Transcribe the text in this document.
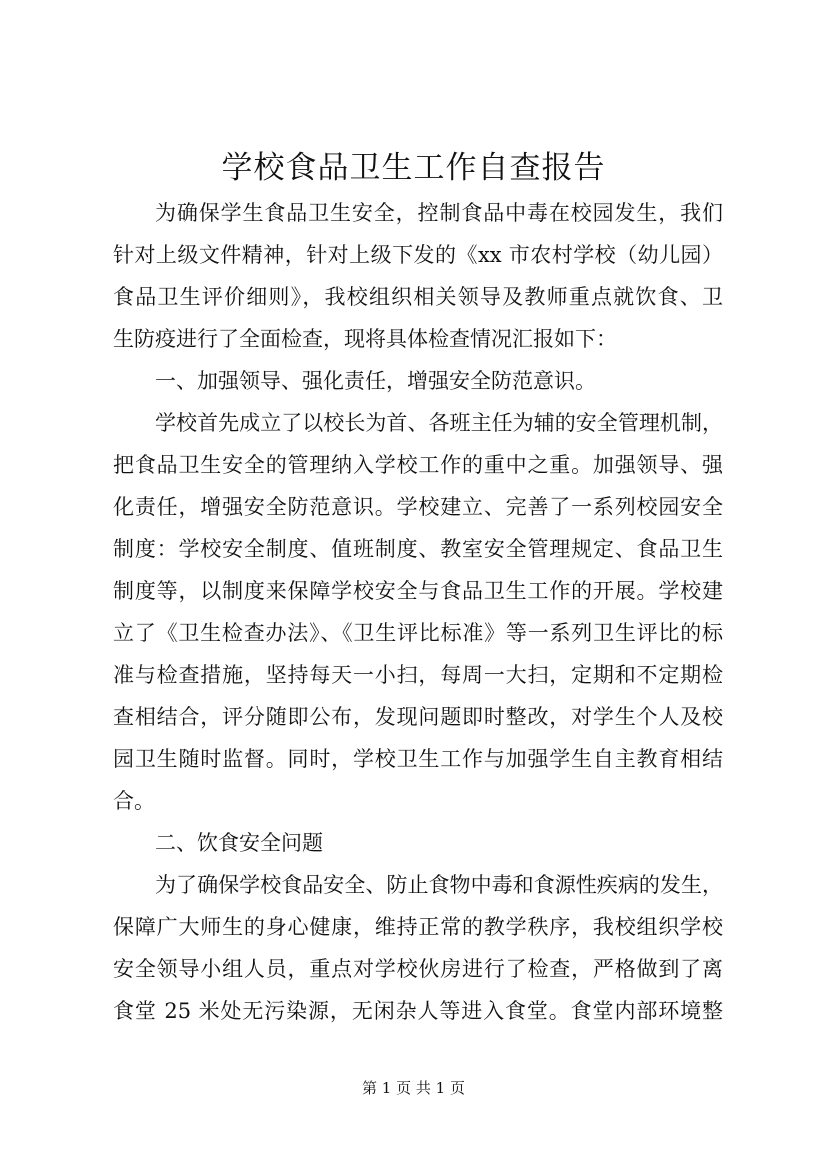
学校食品卫生工作自查报告
为确保学生食品卫生安全，控制食品中毒在校园发生，我们
针对上级文件精神，针对上级下发的《xx 市农村学校（幼儿园）
食品卫生评价细则》，我校组织相关领导及教师重点就饮食、卫
生防疫进行了全面检查，现将具体检查情况汇报如下：
一、加强领导、强化责任，增强安全防范意识。
学校首先成立了以校长为首、各班主任为辅的安全管理机制，
把食品卫生安全的管理纳入学校工作的重中之重。加强领导、强
化责任，增强安全防范意识。学校建立、完善了一系列校园安全
制度：学校安全制度、值班制度、教室安全管理规定、食品卫生
制度等，以制度来保障学校安全与食品卫生工作的开展。学校建
立了《卫生检查办法》、《卫生评比标准》等一系列卫生评比的标
准与检查措施，坚持每天一小扫，每周一大扫，定期和不定期检
查相结合，评分随即公布，发现问题即时整改，对学生个人及校
园卫生随时监督。同时，学校卫生工作与加强学生自主教育相结
合。
二、饮食安全问题
为了确保学校食品安全、防止食物中毒和食源性疾病的发生，
保障广大师生的身心健康，维持正常的教学秩序，我校组织学校
安全领导小组人员，重点对学校伙房进行了检查，严格做到了离
食堂 25 米处无污染源，无闲杂人等进入食堂。食堂内部环境整
第 1 页 共 1 页
